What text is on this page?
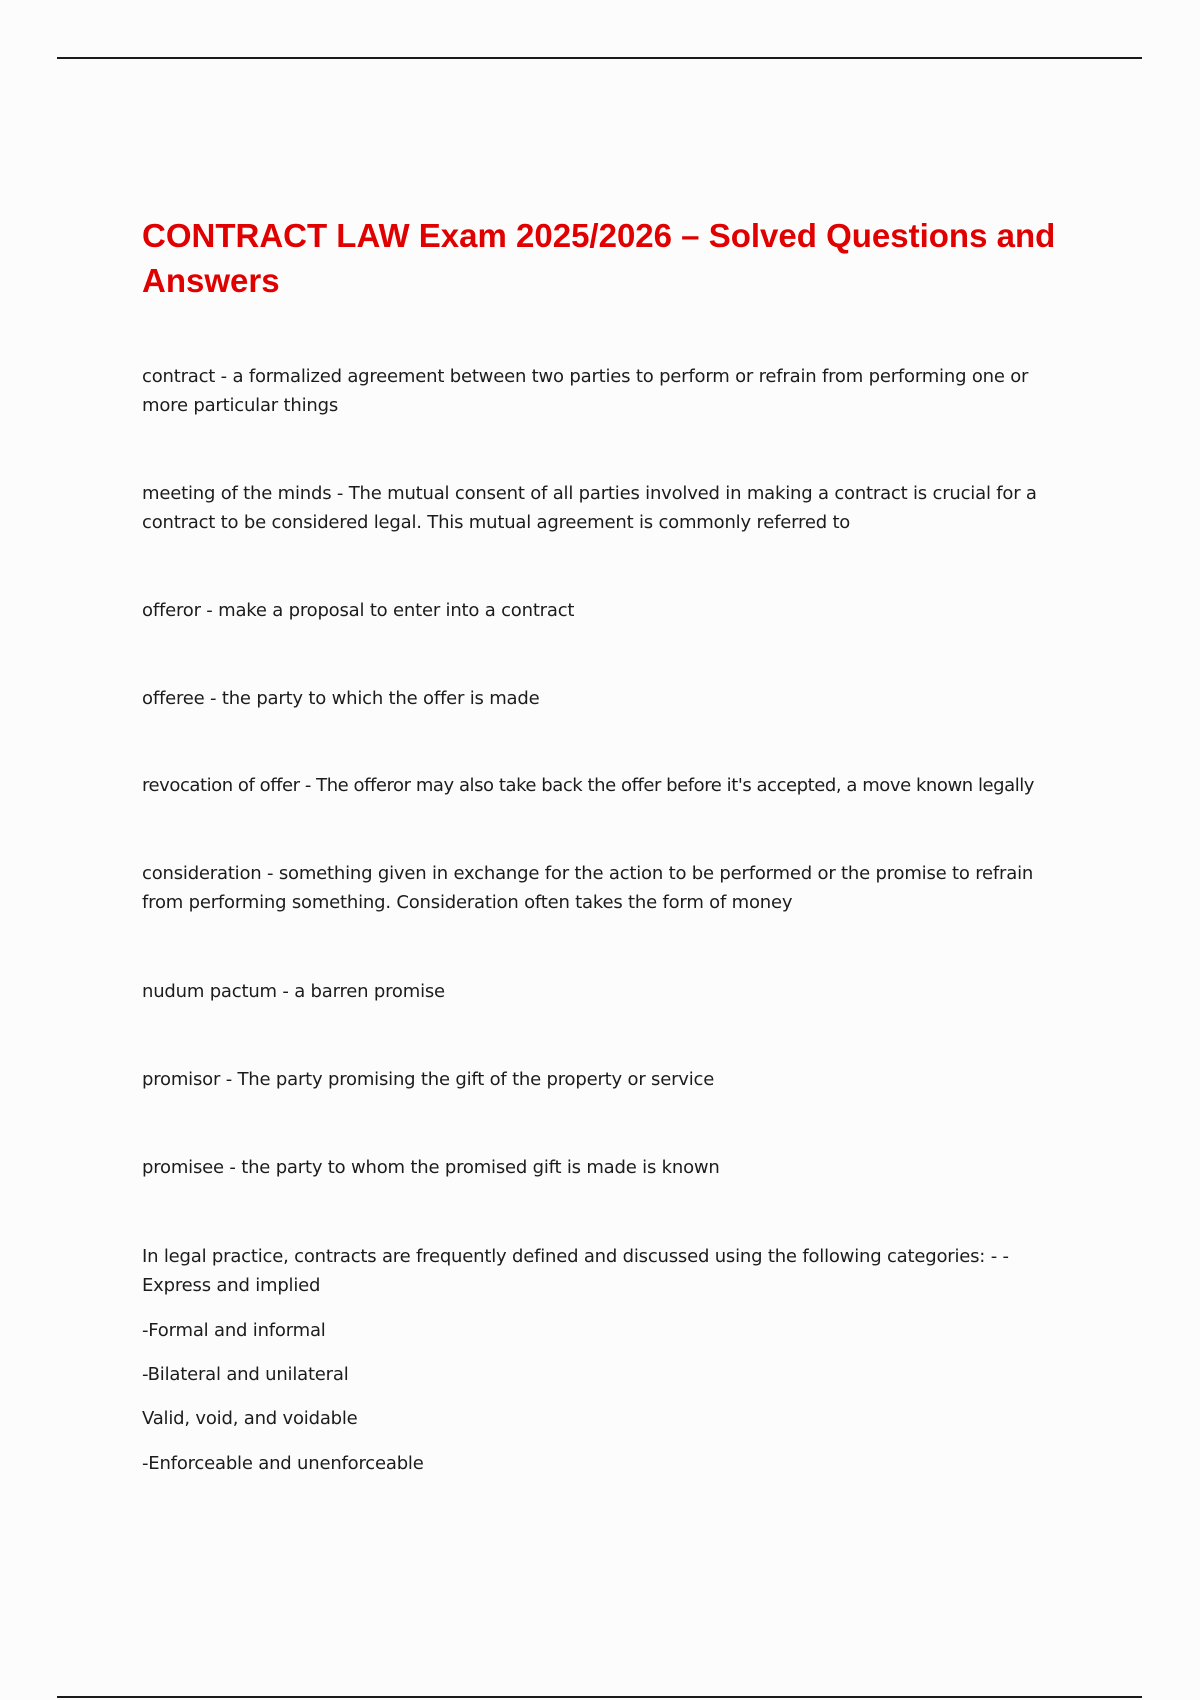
CONTRACT LAW Exam 2025/2026 – Solved Questions and Answers

contract - a formalized agreement between two parties to perform or refrain from performing one or more particular things

meeting of the minds - The mutual consent of all parties involved in making a contract is crucial for a contract to be considered legal. This mutual agreement is commonly referred to

offeror - make a proposal to enter into a contract

offeree - the party to which the offer is made

revocation of offer - The offeror may also take back the offer before it's accepted, a move known legally

consideration - something given in exchange for the action to be performed or the promise to refrain from performing something. Consideration often takes the form of money

nudum pactum - a barren promise

promisor - The party promising the gift of the property or service

promisee - the party to whom the promised gift is made is known

In legal practice, contracts are frequently defined and discussed using the following categories: - -Express and implied

-Formal and informal

-Bilateral and unilateral

Valid, void, and voidable

-Enforceable and unenforceable
